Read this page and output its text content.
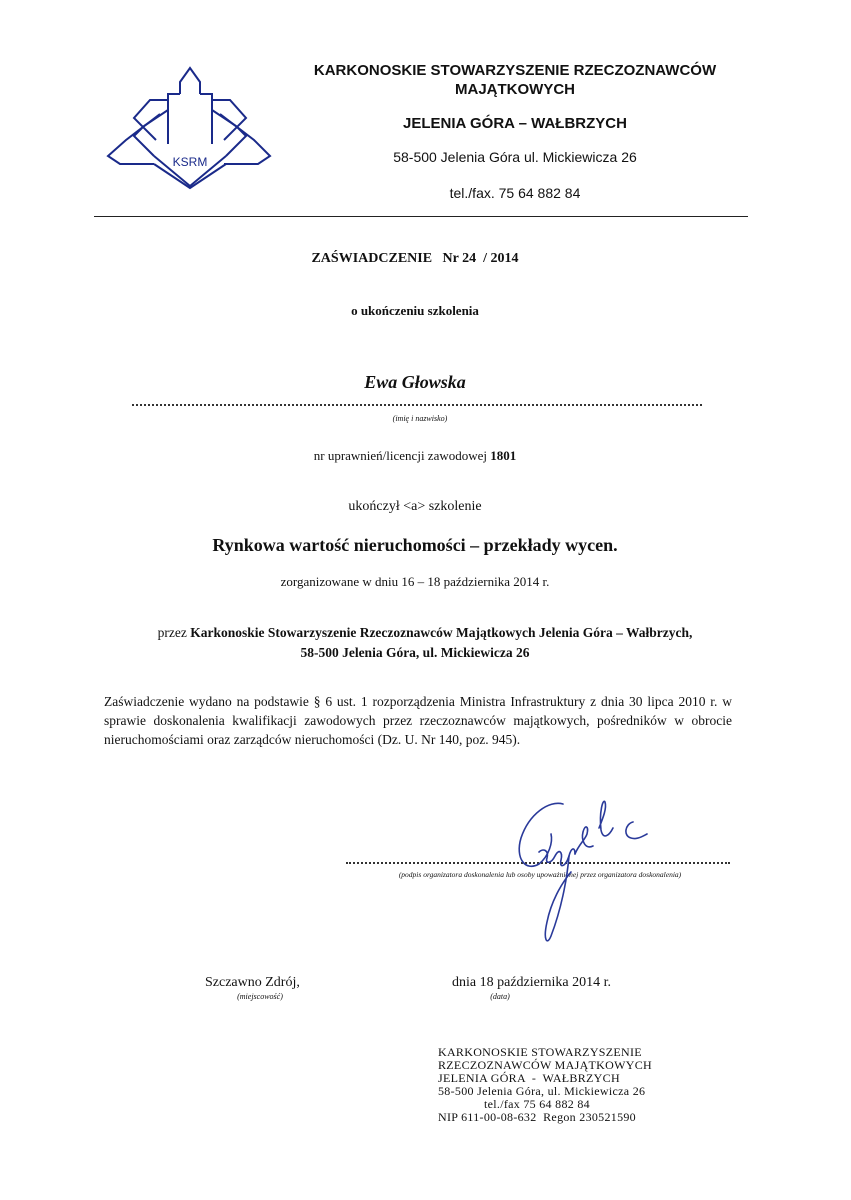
KSRM
KARKONOSKIE STOWARZYSZENIE RZECZOZNAWCÓW
MAJĄTKOWYCH
JELENIA GÓRA – WAŁBRZYCH
58-500 Jelenia Góra ul. Mickiewicza 26
tel./fax. 75 64 882 84
ZAŚWIADCZENIE   Nr 24  / 2014
o ukończeniu szkolenia
Ewa Głowska
(imię i nazwisko)
nr uprawnień/licencji zawodowej 1801
ukończył <a> szkolenie
Rynkowa wartość nieruchomości – przekłady wycen.
zorganizowane w dniu 16 – 18 października 2014 r.
przez Karkonoskie Stowarzyszenie Rzeczoznawców Majątkowych Jelenia Góra – Wałbrzych,
58-500 Jelenia Góra, ul. Mickiewicza 26
Zaświadczenie wydano na podstawie § 6 ust. 1 rozporządzenia Ministra Infrastruktury z dnia 30 lipca 2010 r. w sprawie doskonalenia kwalifikacji zawodowych przez rzeczoznawców majątkowych, pośredników w obrocie nieruchomościami oraz zarządców nieruchomości (Dz. U. Nr 140, poz. 945).
(podpis organizatora doskonalenia lub osoby upoważnionej przez organizatora doskonalenia)
Szczawno Zdrój,
(miejscowość)
dnia 18 października 2014 r.
(data)
KARKONOSKIE STOWARZYSZENIE
RZECZOZNAWCÓW MAJĄTKOWYCH
JELENIA GÓRA  -  WAŁBRZYCH
58-500 Jelenia Góra, ul. Mickiewicza 26
tel./fax 75 64 882 84
NIP 611-00-08-632  Regon 230521590
